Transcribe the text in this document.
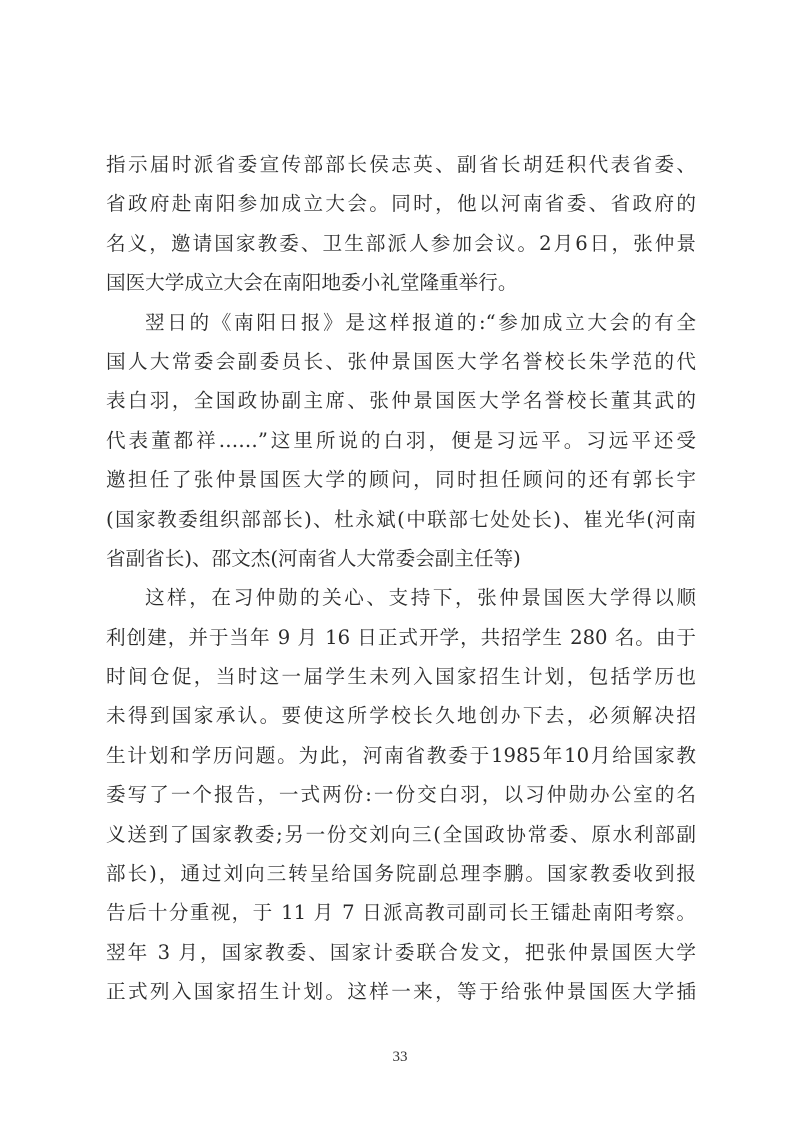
指示届时派省委宣传部部长侯志英、副省长胡廷积代表省委、
省政府赴南阳参加成立大会。同时，他以河南省委、省政府的
名义，邀请国家教委、卫生部派人参加会议。2月6日，张仲景
国医大学成立大会在南阳地委小礼堂隆重举行。
翌日的《南阳日报》是这样报道的:“参加成立大会的有全
国人大常委会副委员长、张仲景国医大学名誉校长朱学范的代
表白羽，全国政协副主席、张仲景国医大学名誉校长董其武的
代表董都祥……”这里所说的白羽，便是习远平。习远平还受
邀担任了张仲景国医大学的顾问，同时担任顾问的还有郭长宇
(国家教委组织部部长)、杜永斌(中联部七处处长)、崔光华(河南
省副省长)、邵文杰(河南省人大常委会副主任等)
这样，在习仲勋的关心、支持下，张仲景国医大学得以顺
利创建，并于当年 9 月 16 日正式开学，共招学生 280 名。由于
时间仓促，当时这一届学生未列入国家招生计划，包括学历也
未得到国家承认。要使这所学校长久地创办下去，必须解决招
生计划和学历问题。为此，河南省教委于1985年10月给国家教
委写了一个报告，一式两份:一份交白羽，以习仲勋办公室的名
义送到了国家教委;另一份交刘向三(全国政协常委、原水利部副
部长)，通过刘向三转呈给国务院副总理李鹏。国家教委收到报
告后十分重视，于 11 月 7 日派高教司副司长王镭赴南阳考察。
翌年 3 月，国家教委、国家计委联合发文，把张仲景国医大学
正式列入国家招生计划。这样一来，等于给张仲景国医大学插
33
